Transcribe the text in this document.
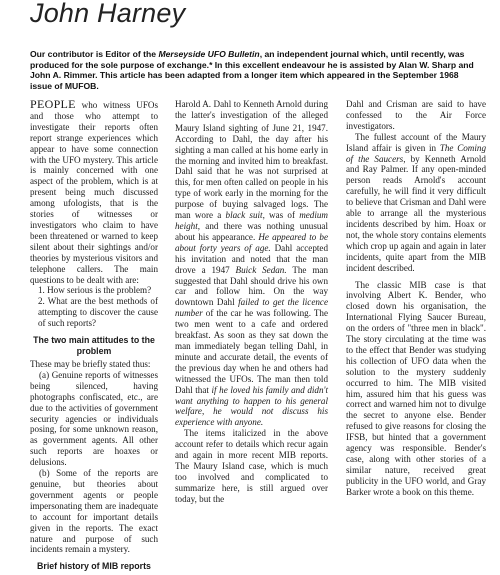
John Harney
Our contributor is Editor of the Merseyside UFO Bulletin, an independent journal which, until recently, was produced for the sole purpose of exchange.* In this excellent endeavour he is assisted by Alan W. Sharp and John A. Rimmer. This article has been adapted from a longer item which appeared in the September 1968 issue of MUFOB.

PEOPLE who witness UFOs and those who attempt to investigate their reports often report strange experiences which appear to have some connection with the UFO mystery. This article is mainly concerned with one aspect of the problem, which is at present being much discussed among ufologists, that is the stories of witnesses or investigators who claim to have been threatened or warned to keep silent about their sightings and/or theories by mysterious visitors and telephone callers. The main questions to be dealt with are:

1. How serious is the problem?

2. What are the best methods of attempting to discover the cause of such reports?

The two main attitudes to the problem

These may be briefly stated thus:

(a) Genuine reports of witnesses being silenced, having photographs confiscated, etc., are due to the activities of government security agencies or individuals posing, for some unknown reason, as government agents. All other such reports are hoaxes or delusions.

(b) Some of the reports are genuine, but theories about government agents or people impersonating them are inadequate to account for important details given in the reports. The exact nature and purpose of such incidents remain a mystery.

Brief history of MIB reports

Harold A. Dahl to Kenneth Arnold during the latter's investigation of the alleged Maury Island sighting of June 21, 1947. According to Dahl, the day after his sighting a man called at his home early in the morning and invited him to breakfast. Dahl said that he was not surprised at this, for men often called on people in his type of work early in the morning for the purpose of buying salvaged logs. The man wore a black suit, was of medium height, and there was nothing unusual about his appearance. He appeared to be about forty years of age. Dahl accepted his invitation and noted that the man drove a 1947 Buick Sedan. The man suggested that Dahl should drive his own car and follow him. On the way downtown Dahl failed to get the licence number of the car he was following. The two men went to a cafe and ordered breakfast. As soon as they sat down the man immediately began telling Dahl, in minute and accurate detail, the events of the previous day when he and others had witnessed the UFOs. The man then told Dahl that if he loved his family and didn't want anything to happen to his general welfare, he would not discuss his experience with anyone.

The items italicized in the above account refer to details which recur again and again in more recent MIB reports. The Maury Island case, which is much too involved and complicated to summarize here, is still argued over today, but the

Dahl and Crisman are said to have confessed to the Air Force investigators.

The fullest account of the Maury Island affair is given in The Coming of the Saucers, by Kenneth Arnold and Ray Palmer. If any open-minded person reads Arnold's account carefully, he will find it very difficult to believe that Crisman and Dahl were able to arrange all the mysterious incidents described by him. Hoax or not, the whole story contains elements which crop up again and again in later incidents, quite apart from the MIB incident described.

The classic MIB case is that involving Albert K. Bender, who closed down his organisation, the International Flying Saucer Bureau, on the orders of "three men in black". The story circulating at the time was to the effect that Bender was studying his collection of UFO data when the solution to the mystery suddenly occurred to him. The MIB visited him, assured him that his guess was correct and warned him not to divulge the secret to anyone else. Bender refused to give reasons for closing the IFSB, but hinted that a government agency was responsible. Bender's case, along with other stories of a similar nature, received great publicity in the UFO world, and Gray Barker wrote a book on this theme.
